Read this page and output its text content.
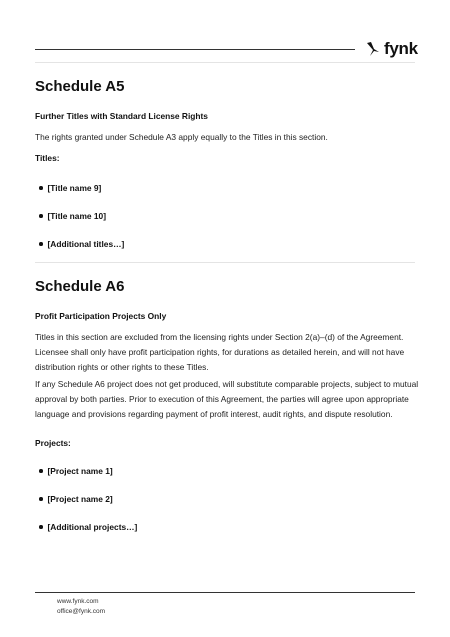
fynk
Schedule A5
Further Titles with Standard License Rights
The rights granted under Schedule A3 apply equally to the Titles in this section.
Titles:
[Title name 9]
[Title name 10]
[Additional titles…]
Schedule A6
Profit Participation Projects Only
Titles in this section are excluded from the licensing rights under Section 2(a)–(d) of the Agreement. Licensee shall only have profit participation rights, for durations as detailed herein, and will not have distribution rights or other rights to these Titles.
If any Schedule A6 project does not get produced, will substitute comparable projects, subject to mutual approval by both parties. Prior to execution of this Agreement, the parties will agree upon appropriate language and provisions regarding payment of profit interest, audit rights, and dispute resolution.
Projects:
[Project name 1]
[Project name 2]
[Additional projects…]
www.fynk.com
office@fynk.com
